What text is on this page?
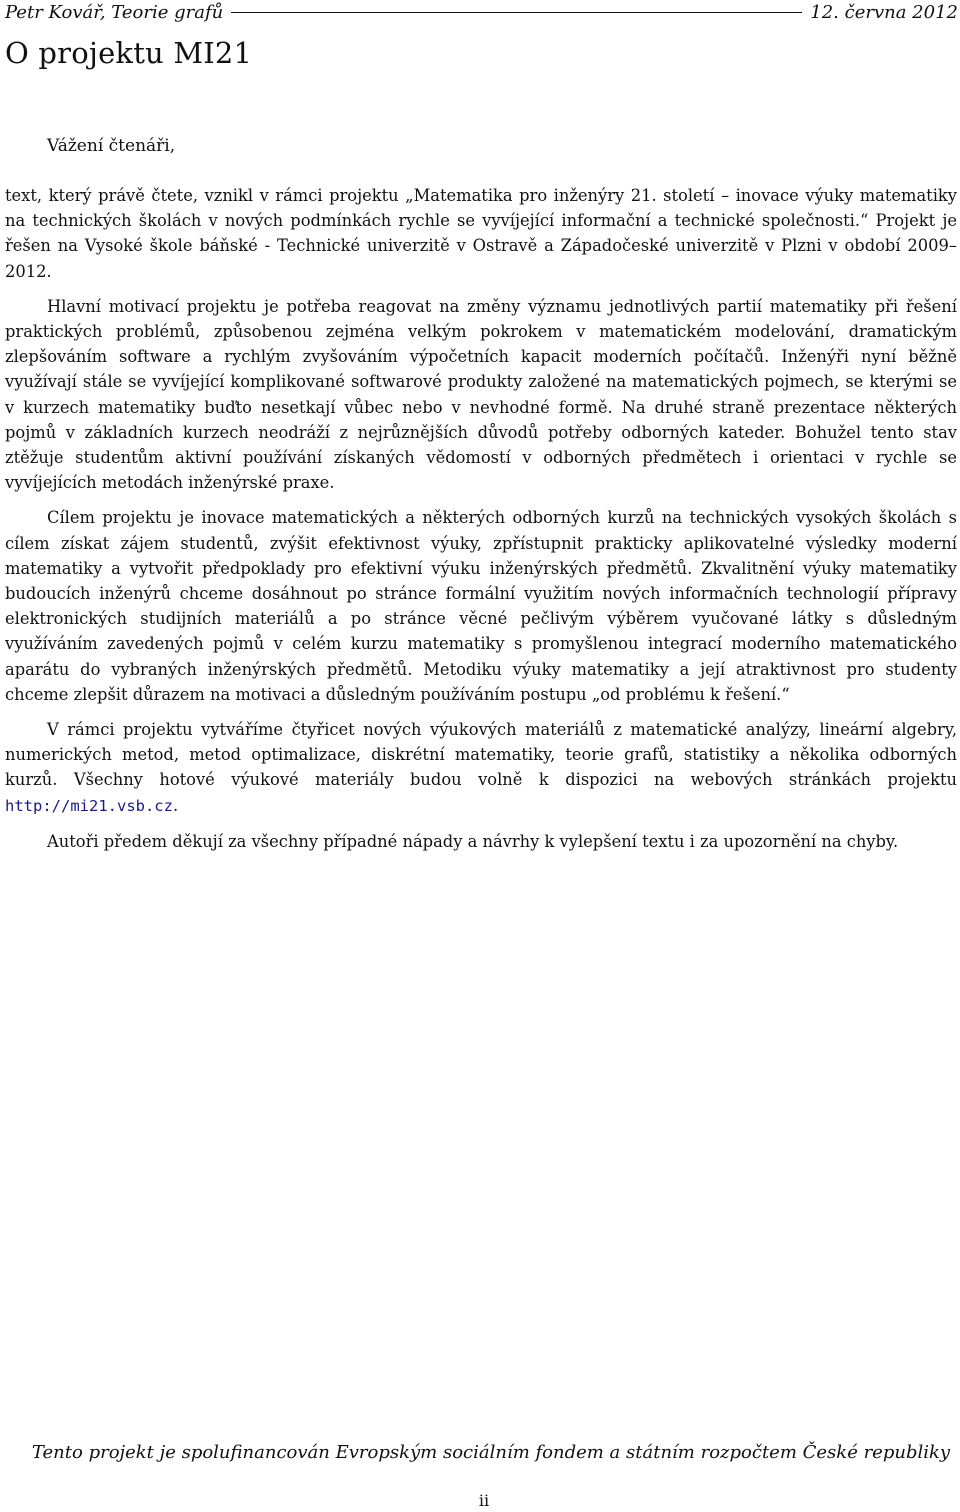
Petr Kovář, Teorie grafů	12. června 2012
O projektu MI21

Vážení čtenáři,

text, který právě čtete, vznikl v rámci projektu „Matematika pro inženýry 21. století – inovace výuky matematiky na technických školách v nových podmínkách rychle se vyvíjející informační a technické společnosti.“ Projekt je řešen na Vysoké škole báňské - Technické univerzitě v Ostravě a Západočeské univerzitě v Plzni v období 2009–2012.

Hlavní motivací projektu je potřeba reagovat na změny významu jednotlivých partií matematiky při řešení praktických problémů, způsobenou zejména velkým pokrokem v matematickém modelování, dramatickým zlepšováním software a rychlým zvyšováním výpočetních kapacit moderních počítačů. Inženýři nyní běžně využívají stále se vyvíjející komplikované softwarové produkty založené na matematických pojmech, se kterými se v kurzech matematiky buďto nesetkají vůbec nebo v nevhodné formě. Na druhé straně prezentace některých pojmů v základních kurzech neodráží z nejrůznějších důvodů potřeby odborných kateder. Bohužel tento stav ztěžuje studentům aktivní používání získaných vědomostí v odborných předmětech i orientaci v rychle se vyvíjejících metodách inženýrské praxe.

Cílem projektu je inovace matematických a některých odborných kurzů na technických vysokých školách s cílem získat zájem studentů, zvýšit efektivnost výuky, zpřístupnit prakticky aplikovatelné výsledky moderní matematiky a vytvořit předpoklady pro efektivní výuku inženýrských předmětů. Zkvalitnění výuky matematiky budoucích inženýrů chceme dosáhnout po stránce formální využitím nových informačních technologií přípravy elektronických studijních materiálů a po stránce věcné pečlivým výběrem vyučované látky s důsledným využíváním zavedených pojmů v celém kurzu matematiky s promyšlenou integrací moderního matematického aparátu do vybraných inženýrských předmětů. Metodiku výuky matematiky a její atraktivnost pro studenty chceme zlepšit důrazem na motivaci a důsledným používáním postupu „od problému k řešení.“

V rámci projektu vytváříme čtyřicet nových výukových materiálů z matematické analýzy, lineární algebry, numerických metod, metod optimalizace, diskrétní matematiky, teorie grafů, statistiky a několika odborných kurzů. Všechny hotové výukové materiály budou volně k dispozici na webových stránkách projektu http://mi21.vsb.cz.

Autoři předem děkují za všechny případné nápady a návrhy k vylepšení textu i za upozornění na chyby.

Tento projekt je spolufinancován Evropským sociálním fondem a státním rozpočtem České republiky
ii
